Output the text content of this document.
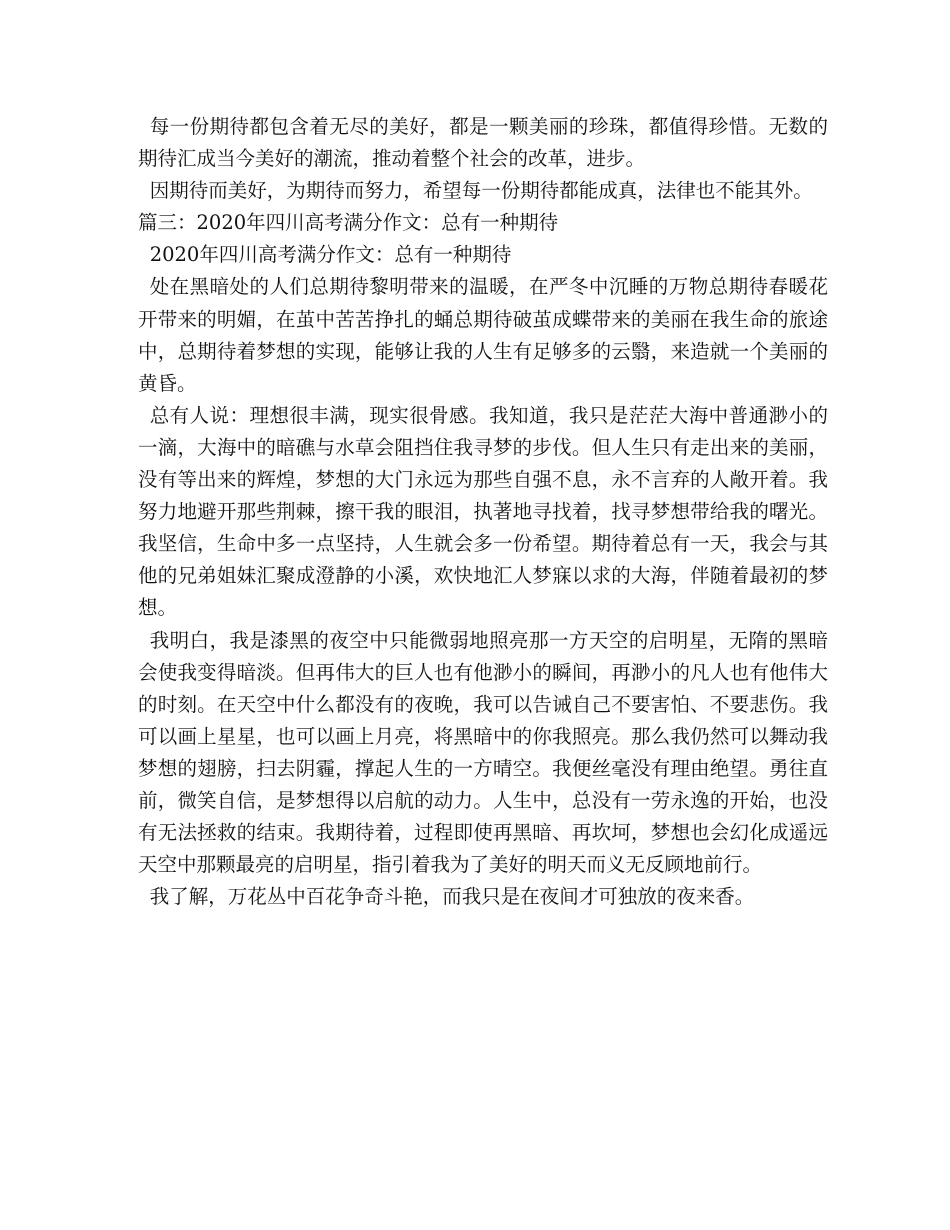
每一份期待都包含着无尽的美好，都是一颗美丽的珍珠，都值得珍惜。无数的期待汇成当今美好的潮流，推动着整个社会的改革，进步。

因期待而美好，为期待而努力，希望每一份期待都能成真，法律也不能其外。

篇三：2020年四川高考满分作文：总有一种期待

2020年四川高考满分作文：总有一种期待

处在黑暗处的人们总期待黎明带来的温暖，在严冬中沉睡的万物总期待春暖花开带来的明媚，在茧中苦苦挣扎的蛹总期待破茧成蝶带来的美丽在我生命的旅途中，总期待着梦想的实现，能够让我的人生有足够多的云翳，来造就一个美丽的黄昏。

总有人说：理想很丰满，现实很骨感。我知道，我只是茫茫大海中普通渺小的一滴，大海中的暗礁与水草会阻挡住我寻梦的步伐。但人生只有走出来的美丽，没有等出来的辉煌，梦想的大门永远为那些自强不息，永不言弃的人敞开着。我努力地避开那些荆棘，擦干我的眼泪，执著地寻找着，找寻梦想带给我的曙光。我坚信，生命中多一点坚持，人生就会多一份希望。期待着总有一天，我会与其他的兄弟姐妹汇聚成澄静的小溪，欢快地汇人梦寐以求的大海，伴随着最初的梦想。

我明白，我是漆黑的夜空中只能微弱地照亮那一方天空的启明星，无隋的黑暗会使我变得暗淡。但再伟大的巨人也有他渺小的瞬间，再渺小的凡人也有他伟大的时刻。在天空中什么都没有的夜晚，我可以告诫自己不要害怕、不要悲伤。我可以画上星星，也可以画上月亮，将黑暗中的你我照亮。那么我仍然可以舞动我梦想的翅膀，扫去阴霾，撑起人生的一方晴空。我便丝毫没有理由绝望。勇往直前，微笑自信，是梦想得以启航的动力。人生中，总没有一劳永逸的开始，也没有无法拯救的结束。我期待着，过程即使再黑暗、再坎坷，梦想也会幻化成遥远天空中那颗最亮的启明星，指引着我为了美好的明天而义无反顾地前行。

我了解，万花丛中百花争奇斗艳，而我只是在夜间才可独放的夜来香。
